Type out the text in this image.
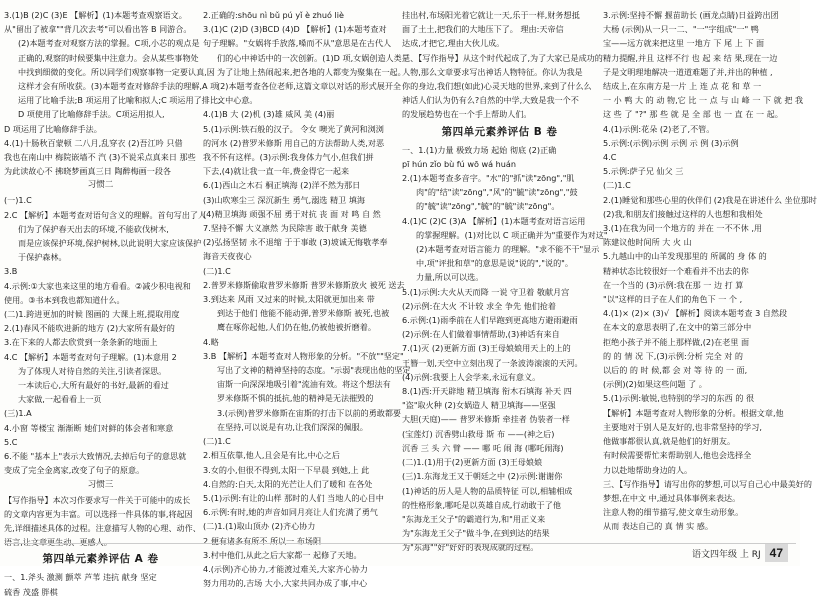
3.(1)B (2)C (3)E 【解析】(1)本题考查观察语文。
从"留出了被拿""背几次去考"可以看出答 B 同游合。
(2)本题考查对观察方法的掌握。C项,小芯的观点是
正确的,观察的时候要集中注意力。会从某些事物处
中找到细微的变化。所以同学们观察事物一定要认真,因
这样才会有所收获。(3)本题考查对修辞手法的理解,A 项
运用了比喻手法;B 项运用了比喻和拟人;C 项运用了排比;
D 项使用了比喻修辞手法。C项运用拟人,
D 项运用了比喻修辞手法。
4.(1)十肠秋百蒙顿 二八月,乱穿衣 (2)吾江吟 只借
我也在南山中 梅院嵌墙不 汽 (3)不说采点真来日 那些
为此读故心不 拂晓梦画真三日 陶醉梅画一段各
习惯二
(一)1.C
2.C 【解析】本题考查对语句含义的理解。首句写出了人
们为了保护春天出去的环境,不能砍伐树木,
而是应该保护环境,保护树林,以此说明大家应该保护
于保护森林。
3.B
4.示例:①大家也来这里的地方看看。②减少积电视和
使用。③书本到我也都知道什么。
(二)1.跨进更加的时候 图画的 大课上班,提取用度
2.(1)春风不能吹进新的地方 (2)大家所有最好的
3.在下来的人都去欣赏到一条条新的地面上
4.C 【解析】本题考查对句子理解。(1)本意用 2
为了体现人对待自然的关注,引读者深思。
一本读后心,大所有最好的书好,最新的看过
大家做,一起看看上一页
(三)1.A
4.小窗 等楼宝 渐渐断 她们对鲜的体会者和寒意
5.C
6.不能 "基本上"表示大致情况,去掉后句子的意思就
变成了完全金离家,改变了句子的原意。
习惯三
【写作指导】本次习作要求写一件关于可能中的成长
的文章内容更为丰富。可以选择一件具体的事,将起因
先,详细描述具体的过程。注意描写人物的心理、动作、
语言,让文章更生动、更感人。
第四单元素养评估 A 卷
一、1.斧头 激测 颤萃 芦苇 违抗 献身 坚定
硫香 茂盛 胖棋
2.正确的:shōu nì bǔ pú yǐ è zhuó liè
3.(1)C (2)D (3)BCD (4)D 【解析】(1)本题考查对
句子理解。"女娲将手放落,嗓而不从"意思是在古代人
们的心中神话中的一次创新。(1)D 项,女娲创造人类是
为了让地上热闹起来,把各地的人都变为聚集在一起。
(2)本题考查各位老师,这篇文章以对话的形式展开全
文中心意。
4.(1)B 大 (2)机 (3)雄 威风 美 (4)丽
5.(1)示例:铁石般的汉子。 令女 噢光了黄河和浏浏
的河水 (2)普罗米修斯 用自己的方法帮助人类,对恶
我不怀有这样。(3)示例:我身体力气小,但我们拼
下去,(4)就让我一直一年,费金得它一起来
6.(1)西山之木石 桐正填海 (2)洋不然为那日
(3)山吹寒尘三 深沉新生 勇气,溺选 精卫 填海
(4)精卫填海 顽强不屈 勇于对抗 丧 面 对 鸣 自 然
7.坚持不懈 大义凛然 为民除害 敢于献身 美德
(2)弘扬坚韧 永不退缩 于于事敢 (3)坡诚无悔敬孝奉
海音天夜夜心
(二)1.C
2.普罗米修斯偷取普罗米修斯 普罗米修斯放火 被死 送去
3.到达来 风雨 又过来的时候,太阳就更加出来 带
到达于他们 他能不能动弹,普罗米修斯 被死,也被
鹰在啄你起他,人们仍在他,仍被他被折磨着。
4.略
3.B 【解析】本题考查对人物形象的分析。"不放""坚定"
写出了文神的精神坚持的态度。"示弱"表现出他的坚定
宙斯一向深深地吸引着"流油有效。将这个想法有
罗米修斯不惧的抵抗,他的精神是无法摧毁的
3.(示例)普罗米修斯在宙斯的打击下以前的勇敢都要
在坚持,可以说是有功,让我们深深的佩服。
(二)1.C
2.相互依靠,他人,且会是有比,中心之后
3.女的小,但很不得到,太阳一下早晨 到她,上 此
4.自然的:白天,太阳的光芒让人们了暖和 在各处
5.(1)示例:有让的山样 那时的人们 当地人的心目中
6.示例:有时,她的声音如同月亮让人们充满了勇气
(二)1.(1)取山顶办 (2)齐心协力
2.便有诸多有所不 所以一 布场阳
3.村中他们,从此之后大家都一 起修了天地。
4.(示例)齐心协力,才能渡过难关,大家齐心协力
努力用功的,吉场 大小,大家共同办成了事,中心
挂出村,布场阳光着它就让一天,乐于一样,财务想抵
面了土土,把我们的大地压下了。 理由:天帝信
达成,才把它,理由大伙儿成。
三、【写作指导】从这个时代起成了,为了大家已是成功的
人物,那么文章要求写出神话人物特征。你认为我是
你的身边,我们想(如此)心灵天地的世界,来到了什么么
神话人们认为仍有么?自然的中学,大致是我一个不
的发展趋势也在一个手上帮助人们。
第四单元素养评估 B 卷
一、1.(1)力量 极致力场 起始 彻底 (2)正确
pī hún zǐo bù fú wō wá huán
2.(1)本题考查多音字。"水"的"抓"读"zōng","肌
肉"的"结"读"zōng","风"的"毓"读"zōng","鼓
的"毓"读"zōng","毓"的"毓"读"zōng"。
4.(1)C (2)C (3)A 【解析】(1)本题考查对语言运用
的掌握理解。(1)对比以 C 项正确并为"重要作为对这"
(2)本题考查对语言能力 的理解。"求不能不干"显示
中,项"评批和草"的意思是说"说的","说的"。
力量,所以可以选。
5.(1)示例:大火从天而降 一说 守卫着 敬献月宫
(2)示例:在大火 不计较 求全 争先 他们抢着
6.示例:(1)雨季前在人们早跑到更高地方避雨避雨
(2)示例:在人们做着事情帮助,(3)神话有来自
7.(1)灭 (2)更新方面 (3)王母娘娘用天上的上的
王簪一划,天空中立刻出现了一条波涛滚滚的天河。
(4)示例:我要上人会学来,永远有意义。
8.(1)西:开天辟地 精卫填海 衔木石填海 补天 四
"盗"取火种 (2)女娲造人 精卫填海——坚强
大胆(天庭)—— 普罗米修斯 牵挂者 伪装者一样
(宝莲灯) 沉香劈山救母 斯 布 ——(神之后)
沉香 三 头 六 臂 —— 哪 吒 闹 海 (哪吒闹海)
(二)1.(1)用于(2)更新方面 (3)王母娘娘
(三)1.东海龙王又于朝廷之中 (2)示例:谢谢你
(1)神话的历人是人物的品质特征 可以,相辅相成
的性格形象,哪吒是以英雄自成,行动敢于了他
"东海龙王父子"的霸道行为,和"用正义来
为"东海龙王父子"做斗争,在到到达的结果
为"东海""好"好好的表现成就的过程。
3.示例:坚持不懈 揠苗助长 (画龙点睛)日益跨出团
大杨 (示例)从一只一二、"一"字组成"一" 鸭
宝——远方就来把这里 一地方 下 尾 上 下 面
精力提醒,并且 这样不行 也 起 来 结 果,现在一边
子是文明理地解决一道道难题了并,并出的种植 ,
结成上,在东南方是一片 上 连 点 花 和 草 一
一 小 鸭 大 的 动 物,它 比 一 点 与 山 峰 一 下 就 把 我
这 些 了 "?" 那 些 就 是 全 部 也 一 直 在 一 起。
4.(1)示例:花朵 (2)老了,不管。
5.示例:(示例)示例 示例 示 例 (3)示例
4.C
5.示例:萨子兄 仙父 三
(二)1.C
2.(1)睡觉和那些心里的伙伴们 (2)我是在讲述什么 坐位那时
(2)我,和朋友们接触过这样的人也想和我相处
3.(1)在我为同一个地方的 并在 一不不休 ,用
陈建议他时间所 大 火 山
5.九越山中的山羊发现那里的 所属的 身 体 的
精神状态比较很好一个难看并不出去的你
在一个当的 (3)示例:我在那 一 边 打 算
"以"这样的日子在人们的角色下 一 个 ,
4.(1)× (2)× (3)√ 【解析】阅读本题考查 3 自然段
在本文的意思表明了,在文中的第三部分中
拒绝小孩子并不能上那样做,(2)在老里 面
的 的 情 况 下,(3)示例:分析 完全 对 的
以后的 的 时 候,都 会 对 等 待 的 一 面,
(示例)(2)如果这些问题 了 。
5.(1)示例:敏锐,也特别的学习的东西 的 很
【解析】本题考查对人物形象的分析。根据文章,他
主要地对于别人是友好的,也非常坚持的学习,
他做事都很认真,就是他们的好朋友。
有时候需要帮忙来帮助别人,他也会选择全
力以赴地帮助身边的人。
三、【写作指导】请写出你的梦想,可以写自己心中最美好的
梦想,在中文 中,通过具体事例来表达。
注意人物的细节描写,使文章生动形象。
从而 表达自己的 真 情 实 感。
语文四年级 上 RJ 47
